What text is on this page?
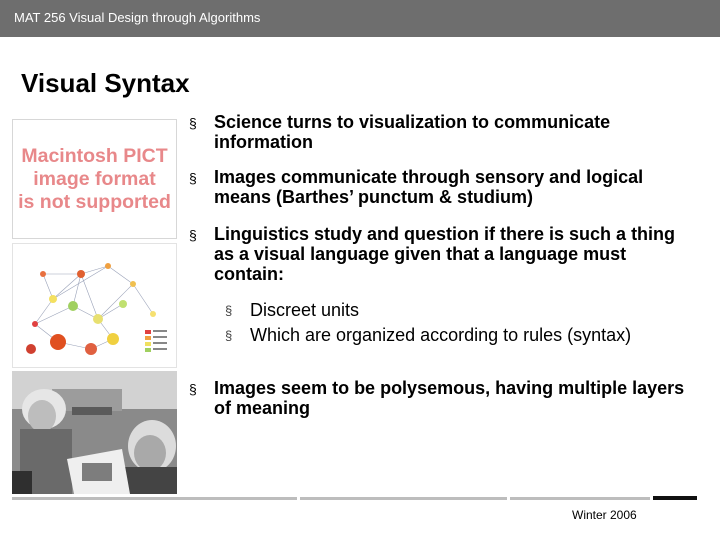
MAT 256 Visual Design through Algorithms
Visual Syntax
Macintosh PICT
image format
is not supported
§ Science turns to visualization to communicate information
§ Images communicate through sensory and logical means (Barthes’ punctum & studium)
§ Linguistics study and question if there is such a thing as a visual language given that a language must contain:
§ Images seem to be polysemous, having multiple layers of meaning
§ Discreet units
§ Which are organized according to rules (syntax)
Winter 2006
